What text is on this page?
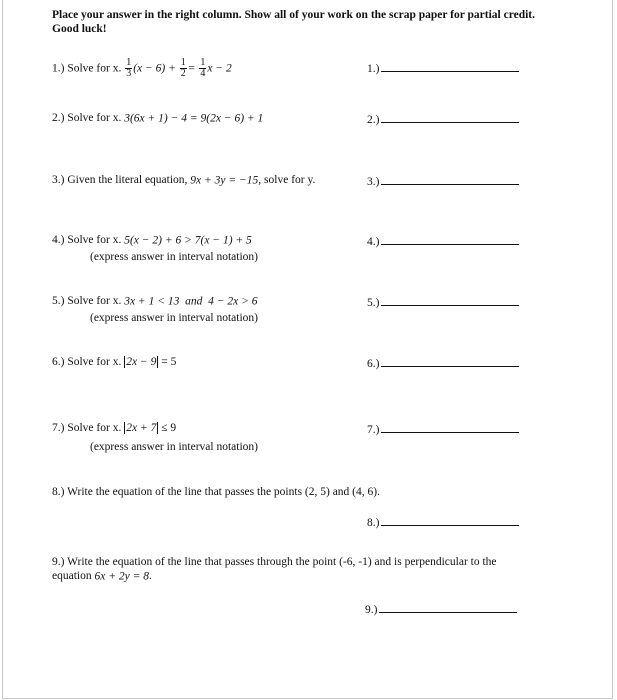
Place your answer in the right column. Show all of your work on the scrap paper for partial credit. Good luck!
1.) Solve for x. $\frac{1}{3} (x - 6) + \frac{1}{2} = \frac{1}{4}$ x − 2
2.) Solve for x. 3(6x + 1) − 4 = 9(2x − 6) + 1
3.) Given the literal equation, 9x + 3y = −15, solve for y.
4.) Solve for x. 5(x − 2) + 6 > 7(x − 1) + 5
(express answer in interval notation)
5.) Solve for x. 3x + 1 < 13 and 4 − 2x > 6
(express answer in interval notation)
6.) Solve for x. 2x − 9 = 5
7.) Solve for x. 2x + 7 ≤ 9
(express answer in interval notation)
8.) Write the equation of the line that passes the points (2, 5) and (4, 6).
9.) Write the equation of the line that passes through the point (-6, -1) and is perpendicular to the
equation 6x + 2y = 8.
1.)
2.)
3.)
4.)
5.)
6.)
7.)
8.)
9.)
